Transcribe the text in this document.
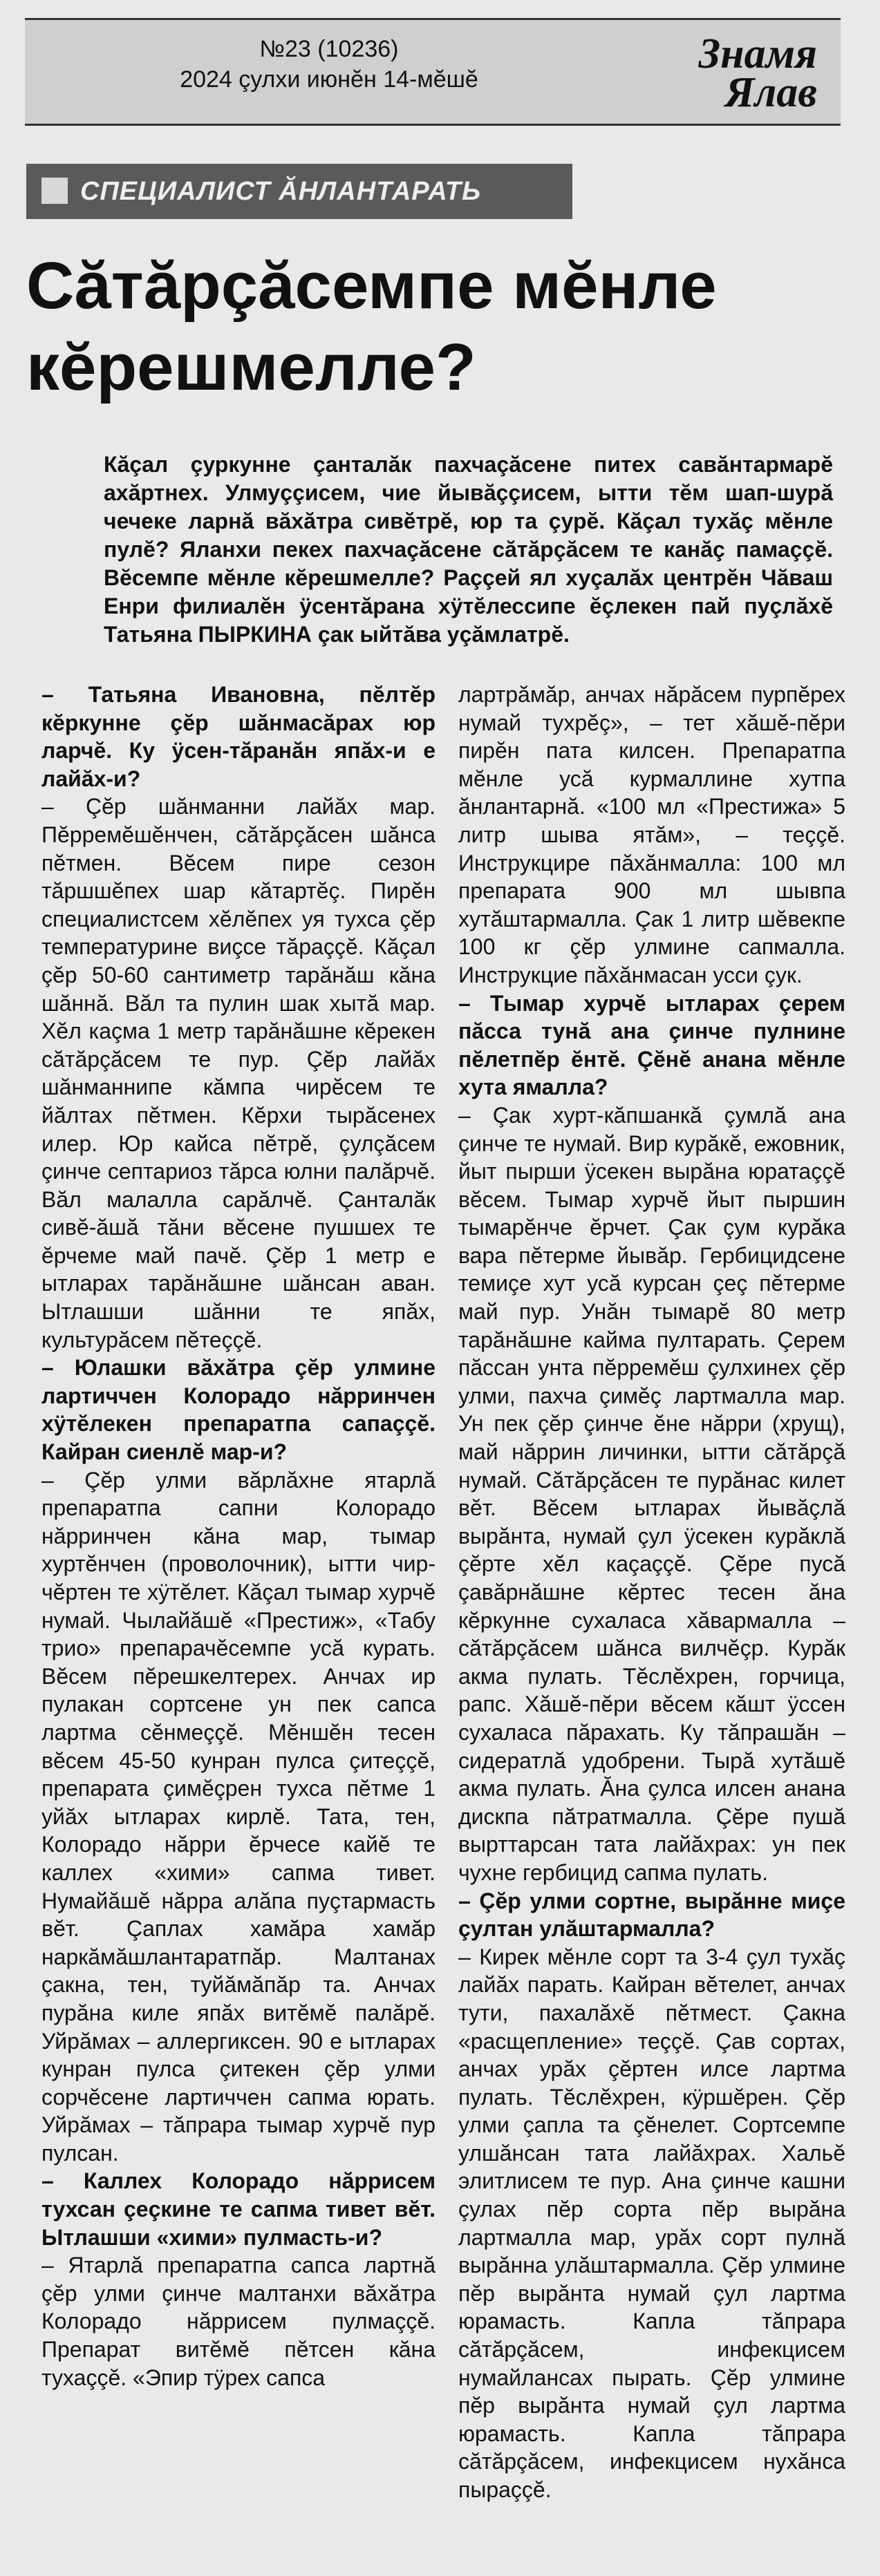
№23 (10236)
2024 çулхи июнĕн 14-мĕшĕ
Знамя
Ялав
СПЕЦИАЛИСТ ĂНЛАНТАРАТЬ
Сăтăрçăсемпе мĕнле кĕрешмелле?

Кăçал çуркунне çанталăк пахчаçăсене питех савăнтармарĕ ахăртнех. Улмуççисем, чие йывăççисем, ытти тĕм шап-шурă чечеке ларнă вăхăтра сивĕтрĕ, юр та çурĕ. Кăçал тухăç мĕнле пулĕ? Яланхи пекех пахчаçăсене сăтăрçăсем те канăç памаççĕ. Вĕсемпе мĕнле кĕрешмелле? Раççей ял хуçалăх центрĕн Чăваш Енри филиалĕн ÿсентăрана хÿтĕлессипе ĕçлекен пай пуçлăхĕ Татьяна ПЫРКИНА çак ыйтăва уçăмлатрĕ.

– Татьяна Ивановна, пĕлтĕр кĕркунне çĕр шăнмасăрах юр ларчĕ. Ку ÿсен-тăранăн япăх-и е лайăх-и?

– Çĕр шăнманни лайăх мар. Пĕрремĕшĕнчен, сăтăрçăсен шăнса пĕтмен. Вĕсем пире сезон тăршшĕпех шар кăтартĕç. Пирĕн специалистсем хĕлĕпех уя тухса çĕр температурине виçсе тăраççĕ. Кăçал çĕр 50-60 сантиметр тарăнăш кăна шăннă. Вăл та пулин шак хытă мар. Хĕл каçма 1 метр тарăнăшне кĕрекен сăтăрçăсем те пур. Çĕр лайăх шăнманнипе кăмпа чирĕсем те йăлтах пĕтмен. Кĕрхи тырăсенех илер. Юр кайса пĕтрĕ, çулçăсем çинче септариоз тăрса юлни палăрчĕ. Вăл малалла сарăлчĕ. Çанталăк сивĕ-ăшă тăни вĕсене пушшех те ĕрчеме май пачĕ. Çĕр 1 метр е ытларах тарăнăшне шăнсан аван. Ытлашши шăнни те япăх, культурăсем пĕтеççĕ.

– Юлашки вăхăтра çĕр улмине лартиччен Колорадо нăрринчен хÿтĕлекен препаратпа сапаççĕ. Кайран сиенлĕ мар-и?

– Çĕр улми вăрлăхне ятарлă препаратпа сапни Колорадо нăрринчен кăна мар, тымар хуртĕнчен (проволочник), ытти чир-чĕртен те хÿтĕлет. Кăçал тымар хурчĕ нумай. Чылайăшĕ «Престиж», «Табу трио» препарачĕсемпе усă курать. Вĕсем пĕрешкелтерех. Анчах ир пулакан сортсене ун пек сапса лартма сĕнмеççĕ. Мĕншĕн тесен вĕсем 45-50 кунран пулса çитеççĕ, препарата çимĕçрен тухса пĕтме 1 уйăх ытларах кирлĕ. Тата, тен, Колорадо нăрри ĕрчесе кайĕ те каллех «хими» сапма тивет. Нумайăшĕ нăрра алăпа пуçтармасть вĕт. Çаплах хамăра хамăр наркăмăшлантаратпăр. Малтанах çакна, тен, туйăмăпăр та. Анчах пурăна киле япăх витĕмĕ палăрĕ. Уйрăмах – аллергиксен. 90 е ытларах кунран пулса çитекен çĕр улми сорчĕсене лартиччен сапма юрать. Уйрăмах – тăпрара тымар хурчĕ пур пулсан.

– Каллех Колорадо нăррисем тухсан çеçкине те сапма тивет вĕт. Ытлашши «хими» пулмасть-и?

– Ятарлă препаратпа сапса лартнă çĕр улми çинче малтанхи вăхăтра Колорадо нăррисем пулмаççĕ. Препарат витĕмĕ пĕтсен кăна тухаççĕ. «Эпир тÿрех сапса

лартрăмăр, анчах нăрăсем пурпĕрех нумай тухрĕç», – тет хăшĕ-пĕри пирĕн пата килсен. Препаратпа мĕнле усă курмаллине хутпа ăнлантарнă. «100 мл «Престижа» 5 литр шыва ятăм», – теççĕ. Инструкцире пăхăнмалла: 100 мл препарата 900 мл шывпа хутăштармалла. Çак 1 литр шĕвекпе 100 кг çĕр улмине сапмалла. Инструкцие пăхăнмасан усси çук.

– Тымар хурчĕ ытларах çерем пăсса тунă ана çинче пулнине пĕлетпĕр ĕнтĕ. Çĕнĕ анана мĕнле хута ямалла?

– Çак хурт-кăпшанкă çумлă ана çинче те нумай. Вир курăкĕ, ежовник, йыт пырши ÿсекен вырăна юратаççĕ вĕсем. Тымар хурчĕ йыт пыршин тымарĕнче ĕрчет. Çак çум курăка вара пĕтерме йывăр. Гербицидсене темиçе хут усă курсан çеç пĕтерме май пур. Унăн тымарĕ 80 метр тарăнăшне кайма пултарать. Çерем пăссан унта пĕрремĕш çулхинех çĕр улми, пахча çимĕç лартмалла мар. Ун пек çĕр çинче ĕне нăрри (хрущ), май нăррин личинки, ытти сăтăрçă нумай. Сăтăрçăсен те пурăнас килет вĕт. Вĕсем ытларах йывăçлă вырăнта, нумай çул ÿсекен курăклă çĕрте хĕл каçаççĕ. Çĕре пусă çавăрнăшне кĕртес тесен ăна кĕркунне сухаласа хăвармалла – сăтăрçăсем шăнса вилчĕçр. Курăк акма пулать. Тĕслĕхрен, горчица, рапс. Хăшĕ-пĕри вĕсем кăшт ÿссен сухаласа пăрахать. Ку тăпрашăн – сидератлă удобрени. Тырă хутăшĕ акма пулать. Ăна çулса илсен анана дискпа пăтратмалла. Çĕре пушă вырттарсан тата лайăхрах: ун пек чухне гербицид сапма пулать.

– Çĕр улми сортне, вырăнне миçе çултан улăштармалла?

– Кирек мĕнле сорт та 3-4 çул тухăç лайăх парать. Кайран вĕтелет, анчах тути, пахалăхĕ пĕтмест. Çакна «расщепление» теççĕ. Çав сортах, анчах урăх çĕртен илсе лартма пулать. Тĕслĕхрен, кÿршĕрен. Çĕр улми çапла та çĕнелет. Сортсемпе улшăнсан тата лайăхрах. Хальĕ элитлисем те пур. Ана çинче кашни çулах пĕр сорта пĕр вырăна лартмалла мар, урăх сорт пулнă вырăнна улăштармалла. Çĕр улмине пĕр вырăнта нумай çул лартма юрамасть. Капла тăпрара сăтăрçăсем, инфекцисем нумайлансах пырать. Çĕр улмине пĕр вырăнта нумай çул лартма юрамасть. Капла тăпрара сăтăрçăсем, инфекцисем нухăнса пыраççĕ.
